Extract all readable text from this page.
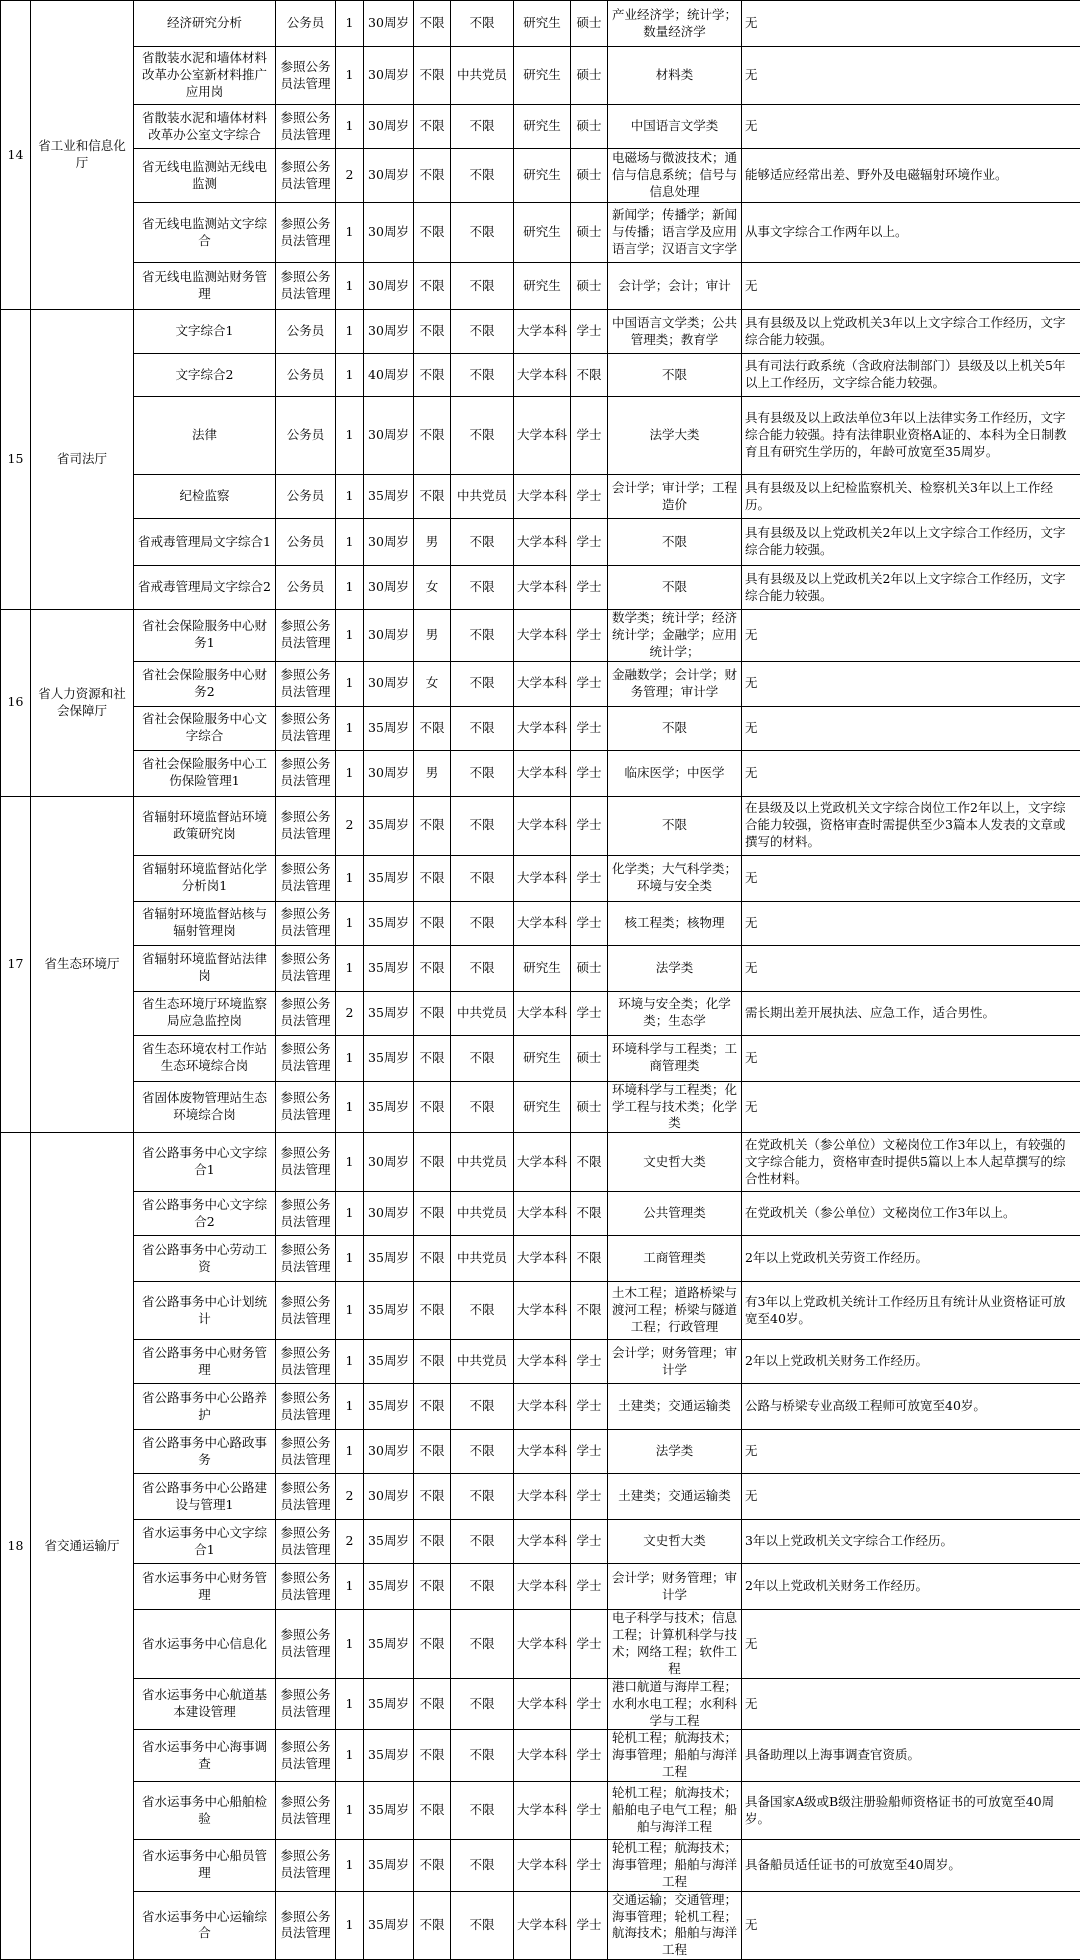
14	省工业和信息化厅	经济研究分析	公务员	1	30周岁	不限	不限	研究生	硕士	产业经济学；统计学；数量经济学	无
		省散装水泥和墙体材料改革办公室新材料推广应用岗	参照公务员法管理	1	30周岁	不限	中共党员	研究生	硕士	材料类	无
		省散装水泥和墙体材料改革办公室文字综合	参照公务员法管理	1	30周岁	不限	不限	研究生	硕士	中国语言文学类	无
		省无线电监测站无线电监测	参照公务员法管理	2	30周岁	不限	不限	研究生	硕士	电磁场与微波技术；通信与信息系统；信号与信息处理	能够适应经常出差、野外及电磁辐射环境作业。
		省无线电监测站文字综合	参照公务员法管理	1	30周岁	不限	不限	研究生	硕士	新闻学；传播学；新闻与传播；语言学及应用语言学；汉语言文字学	从事文字综合工作两年以上。
		省无线电监测站财务管理	参照公务员法管理	1	30周岁	不限	不限	研究生	硕士	会计学；会计；审计	无
15	省司法厅	文字综合1	公务员	1	30周岁	不限	不限	大学本科	学士	中国语言文学类；公共管理类；教育学	具有县级及以上党政机关3年以上文字综合工作经历，文字综合能力较强。
		文字综合2	公务员	1	40周岁	不限	不限	大学本科	不限	不限	具有司法行政系统（含政府法制部门）县级及以上机关5年以上工作经历，文字综合能力较强。
		法律	公务员	1	30周岁	不限	不限	大学本科	学士	法学大类	具有县级及以上政法单位3年以上法律实务工作经历，文字综合能力较强。持有法律职业资格A证的、本科为全日制教育且有研究生学历的，年龄可放宽至35周岁。
		纪检监察	公务员	1	35周岁	不限	中共党员	大学本科	学士	会计学；审计学；工程造价	具有县级及以上纪检监察机关、检察机关3年以上工作经历。
		省戒毒管理局文字综合1	公务员	1	30周岁	男	不限	大学本科	学士	不限	具有县级及以上党政机关2年以上文字综合工作经历，文字综合能力较强。
		省戒毒管理局文字综合2	公务员	1	30周岁	女	不限	大学本科	学士	不限	具有县级及以上党政机关2年以上文字综合工作经历，文字综合能力较强。
16	省人力资源和社会保障厅	省社会保险服务中心财务1	参照公务员法管理	1	30周岁	男	不限	大学本科	学士	数学类；统计学；经济统计学；金融学；应用统计学；	无
		省社会保险服务中心财务2	参照公务员法管理	1	30周岁	女	不限	大学本科	学士	金融数学；会计学；财务管理；审计学	无
		省社会保险服务中心文字综合	参照公务员法管理	1	35周岁	不限	不限	大学本科	学士	不限	无
		省社会保险服务中心工伤保险管理1	参照公务员法管理	1	30周岁	男	不限	大学本科	学士	临床医学；中医学	无
17	省生态环境厅	省辐射环境监督站环境政策研究岗	参照公务员法管理	2	35周岁	不限	不限	大学本科	学士	不限	在县级及以上党政机关文字综合岗位工作2年以上，文字综合能力较强，资格审查时需提供至少3篇本人发表的文章或撰写的材料。
		省辐射环境监督站化学分析岗1	参照公务员法管理	1	35周岁	不限	不限	大学本科	学士	化学类；大气科学类；环境与安全类	无
		省辐射环境监督站核与辐射管理岗	参照公务员法管理	1	35周岁	不限	不限	大学本科	学士	核工程类；核物理	无
		省辐射环境监督站法律岗	参照公务员法管理	1	35周岁	不限	不限	研究生	硕士	法学类	无
		省生态环境厅环境监察局应急监控岗	参照公务员法管理	2	35周岁	不限	中共党员	大学本科	学士	环境与安全类；化学类；生态学	需长期出差开展执法、应急工作，适合男性。
		省生态环境农村工作站生态环境综合岗	参照公务员法管理	1	35周岁	不限	不限	研究生	硕士	环境科学与工程类；工商管理类	无
		省固体废物管理站生态环境综合岗	参照公务员法管理	1	35周岁	不限	不限	研究生	硕士	环境科学与工程类；化学工程与技术类；化学类	无
18	省交通运输厅	省公路事务中心文字综合1	参照公务员法管理	1	30周岁	不限	中共党员	大学本科	不限	文史哲大类	在党政机关（参公单位）文秘岗位工作3年以上，有较强的文字综合能力，资格审查时提供5篇以上本人起草撰写的综合性材料。
		省公路事务中心文字综合2	参照公务员法管理	1	30周岁	不限	中共党员	大学本科	不限	公共管理类	在党政机关（参公单位）文秘岗位工作3年以上。
		省公路事务中心劳动工资	参照公务员法管理	1	35周岁	不限	中共党员	大学本科	不限	工商管理类	2年以上党政机关劳资工作经历。
		省公路事务中心计划统计	参照公务员法管理	1	35周岁	不限	不限	大学本科	不限	土木工程；道路桥梁与渡河工程；桥梁与隧道工程；行政管理	有3年以上党政机关统计工作经历且有统计从业资格证可放宽至40岁。
		省公路事务中心财务管理	参照公务员法管理	1	35周岁	不限	中共党员	大学本科	学士	会计学；财务管理；审计学	2年以上党政机关财务工作经历。
		省公路事务中心公路养护	参照公务员法管理	1	35周岁	不限	不限	大学本科	学士	土建类；交通运输类	公路与桥梁专业高级工程师可放宽至40岁。
		省公路事务中心路政事务	参照公务员法管理	1	30周岁	不限	不限	大学本科	学士	法学类	无
		省公路事务中心公路建设与管理1	参照公务员法管理	2	30周岁	不限	不限	大学本科	学士	土建类；交通运输类	无
		省水运事务中心文字综合1	参照公务员法管理	2	35周岁	不限	不限	大学本科	学士	文史哲大类	3年以上党政机关文字综合工作经历。
		省水运事务中心财务管理	参照公务员法管理	1	35周岁	不限	不限	大学本科	学士	会计学；财务管理；审计学	2年以上党政机关财务工作经历。
		省水运事务中心信息化	参照公务员法管理	1	35周岁	不限	不限	大学本科	学士	电子科学与技术；信息工程；计算机科学与技术；网络工程；软件工程	无
		省水运事务中心航道基本建设管理	参照公务员法管理	1	35周岁	不限	不限	大学本科	学士	港口航道与海岸工程；水利水电工程；水利科学与工程	无
		省水运事务中心海事调查	参照公务员法管理	1	35周岁	不限	不限	大学本科	学士	轮机工程；航海技术；海事管理；船舶与海洋工程	具备助理以上海事调查官资质。
		省水运事务中心船舶检验	参照公务员法管理	1	35周岁	不限	不限	大学本科	学士	轮机工程；航海技术；船舶电子电气工程；船舶与海洋工程	具备国家A级或B级注册验船师资格证书的可放宽至40周岁。
		省水运事务中心船员管理	参照公务员法管理	1	35周岁	不限	不限	大学本科	学士	轮机工程；航海技术；海事管理；船舶与海洋工程	具备船员适任证书的可放宽至40周岁。
		省水运事务中心运输综合	参照公务员法管理	1	35周岁	不限	不限	大学本科	学士	交通运输；交通管理；海事管理；轮机工程；航海技术；船舶与海洋工程	无
